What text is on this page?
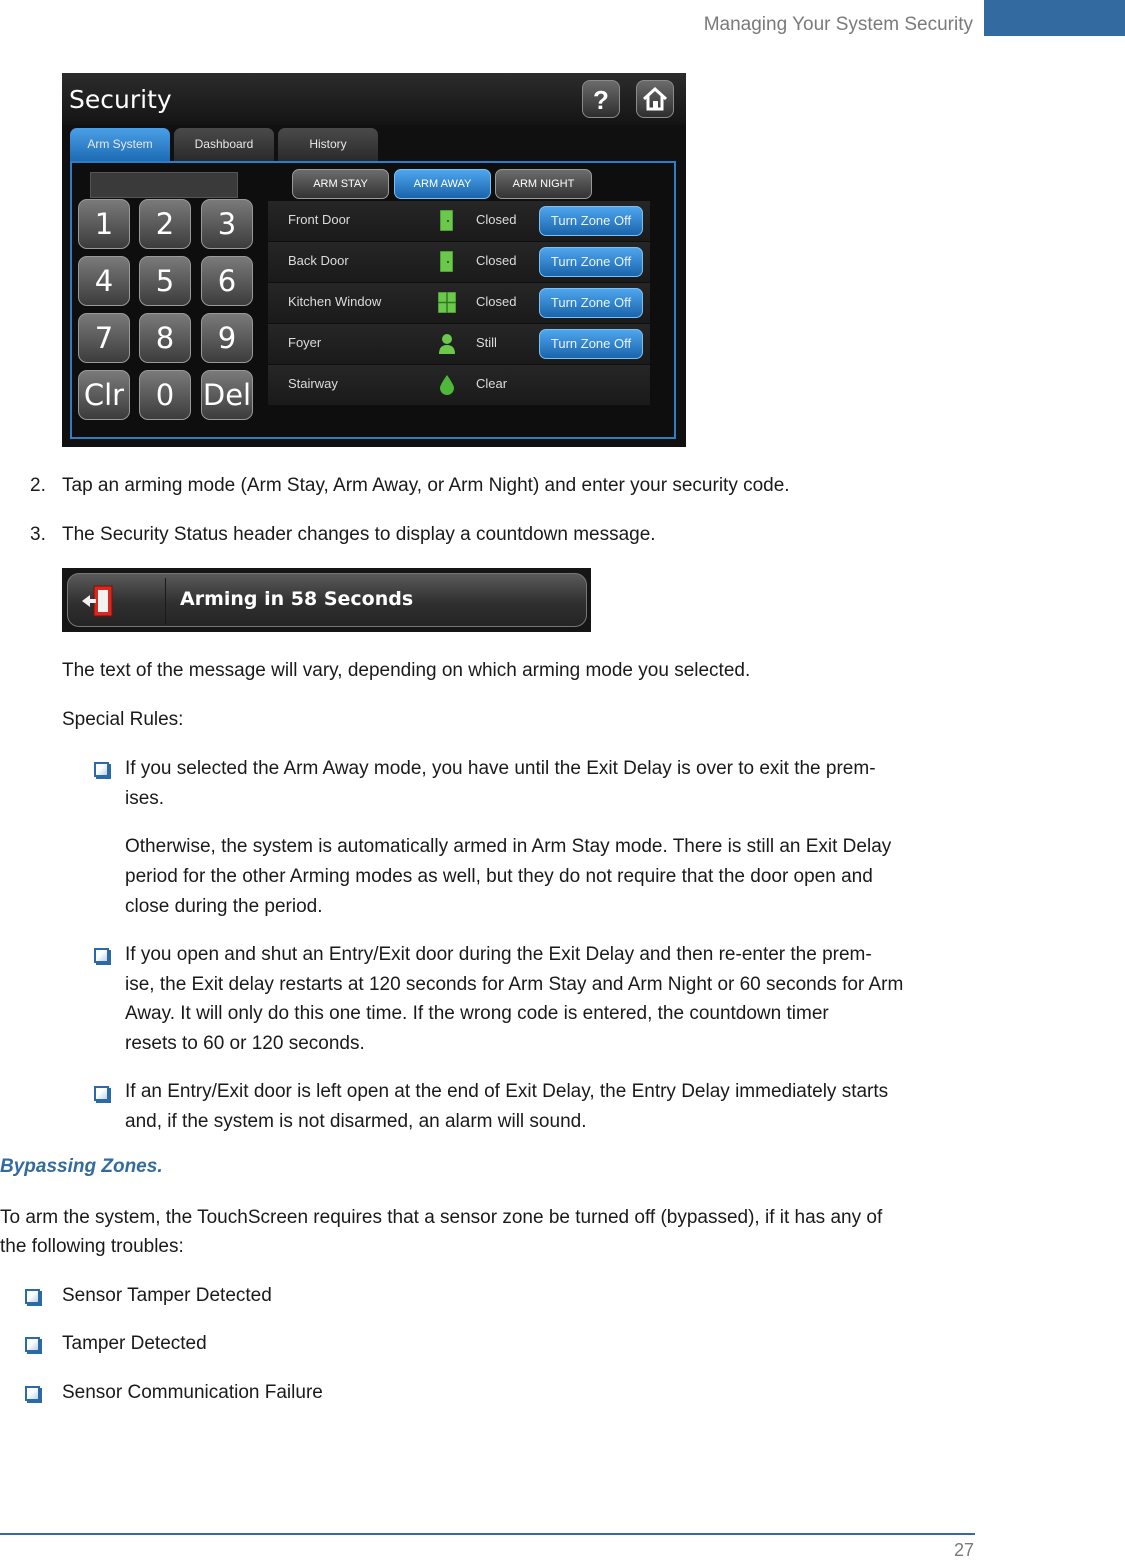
Managing Your System Security
Security	?
Arm System	Dashboard	History
ARM STAY	ARM AWAY	ARM NIGHT
1	2	3
4	5	6
7	8	9
Clr	0 Del
Front Door	Closed	Turn Zone Off
Back Door	Closed	Turn Zone Off
Kitchen Window	Closed	Turn Zone Off
Foyer	Still	Turn Zone Off
Stairway	Clear
2. Tap an arming mode (Arm Stay, Arm Away, or Arm Night) and enter your security code.
3. The Security Status header changes to display a countdown message.
Arming in 58 Seconds
The text of the message will vary, depending on which arming mode you selected.
Special Rules:
If you selected the Arm Away mode, you have until the Exit Delay is over to exit the prem-
ises.
Otherwise, the system is automatically armed in Arm Stay mode. There is still an Exit Delay
period for the other Arming modes as well, but they do not require that the door open and
close during the period.
If you open and shut an Entry/Exit door during the Exit Delay and then re-enter the prem-
ise, the Exit delay restarts at 120 seconds for Arm Stay and Arm Night or 60 seconds for Arm
Away. It will only do this one time. If the wrong code is entered, the countdown timer
resets to 60 or 120 seconds.
If an Entry/Exit door is left open at the end of Exit Delay, the Entry Delay immediately starts
and, if the system is not disarmed, an alarm will sound.
Bypassing Zones.
To arm the system, the TouchScreen requires that a sensor zone be turned off (bypassed), if it has any of
the following troubles:
Sensor Tamper Detected
Tamper Detected
Sensor Communication Failure
27
